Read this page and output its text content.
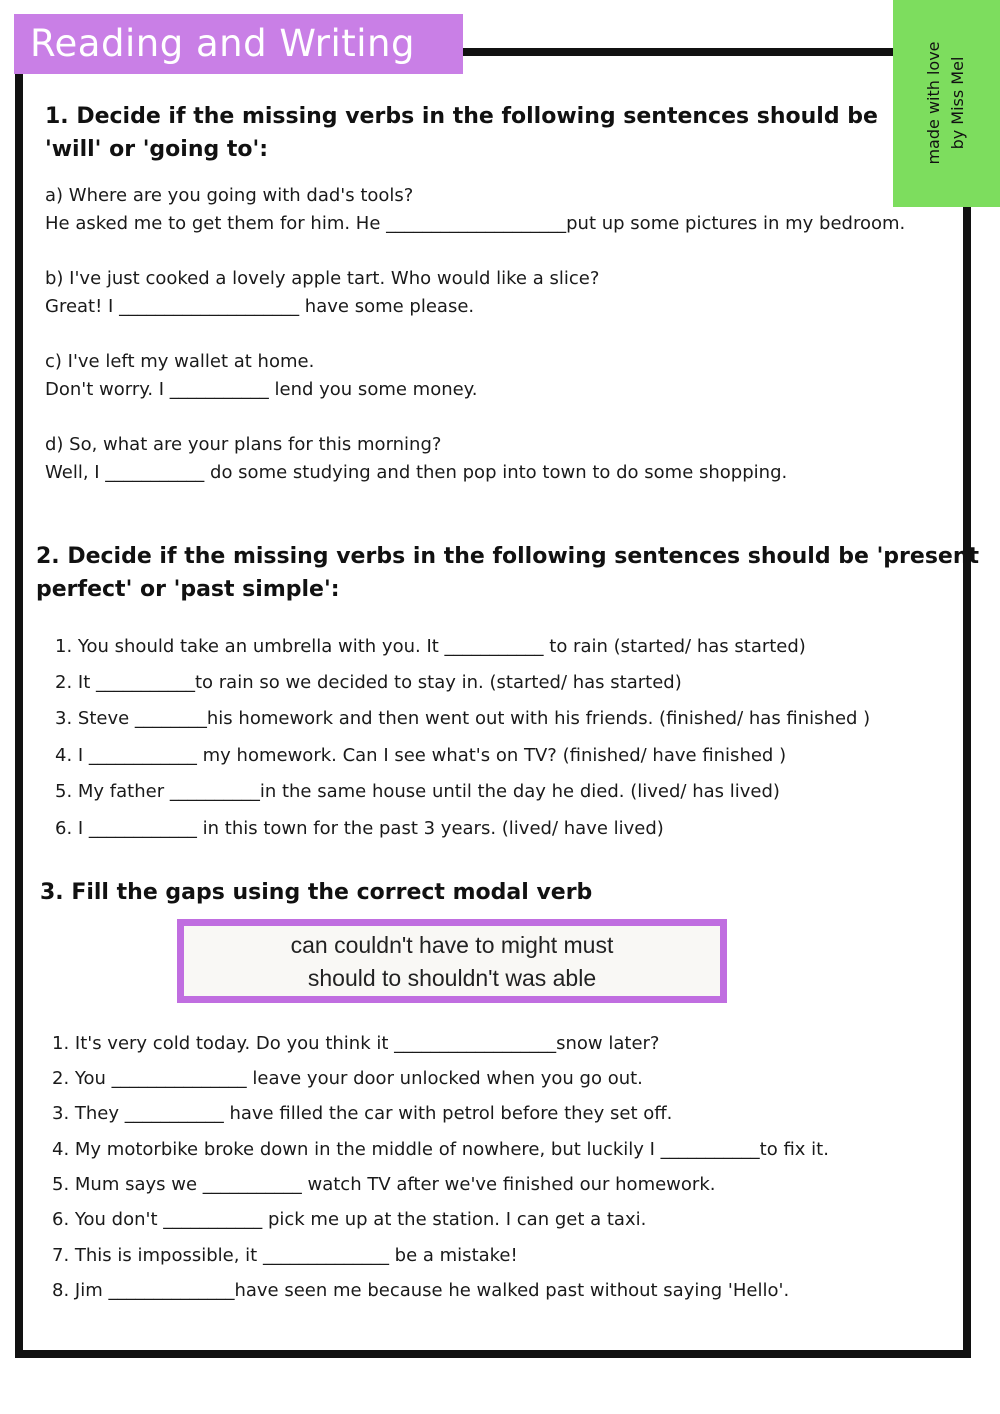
Reading and Writing	made with love by Miss Mel
1. Decide if the missing verbs in the following sentences should be
'will' or 'going to':
a) Where are you going with dad's tools?
He asked me to get them for him. He ____________________put up some pictures in my bedroom.
b) I've just cooked a lovely apple tart. Who would like a slice?
Great! I ____________________ have some please.
c) I've left my wallet at home.
Don't worry. I ___________ lend you some money.
d) So, what are your plans for this morning?
Well, I ___________ do some studying and then pop into town to do some shopping.
2. Decide if the missing verbs in the following sentences should be 'present
perfect' or 'past simple':
1. You should take an umbrella with you. It ___________ to rain (started/ has started)
2. It ___________to rain so we decided to stay in. (started/ has started)
3. Steve ________his homework and then went out with his friends. (finished/ has finished )
4. I ____________ my homework. Can I see what's on TV? (finished/ have finished )
5. My father __________in the same house until the day he died. (lived/ has lived)
6. I ____________ in this town for the past 3 years. (lived/ have lived)
3. Fill the gaps using the correct modal verb
can couldn't have to might must
should to shouldn't was able
1. It's very cold today. Do you think it __________________snow later?
2. You _______________ leave your door unlocked when you go out.
3. They ___________ have filled the car with petrol before they set off.
4. My motorbike broke down in the middle of nowhere, but luckily I ___________to fix it.
5. Mum says we ___________ watch TV after we've finished our homework.
6. You don't ___________ pick me up at the station. I can get a taxi.
7. This is impossible, it ______________ be a mistake!
8. Jim ______________have seen me because he walked past without saying 'Hello'.
